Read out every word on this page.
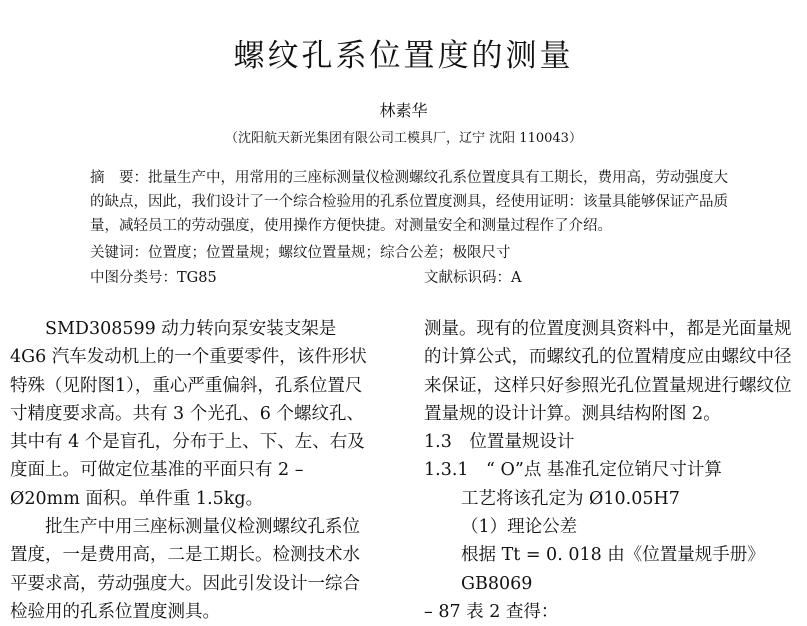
螺纹孔系位置度的测量
林素华
（沈阳航天新光集团有限公司工模具厂，辽宁 沈阳 110043）
摘　要：批量生产中，用常用的三座标测量仪检测螺纹孔系位置度具有工期长，费用高，劳动强度大的缺点，因此，我们设计了一个综合检验用的孔系位置度测具，经使用证明：该量具能够保证产品质量，减轻员工的劳动强度，使用操作方便快捷。对测量安全和测量过程作了介绍。
关键词：位置度；位置量规；螺纹位置量规；综合公差；极限尺寸
中图分类号：TG85	文献标识码：A

SMD308599 动力转向泵安装支架是 4G6 汽车发动机上的一个重要零件，该件形状特殊（见附图1），重心严重偏斜，孔系位置尺寸精度要求高。共有 3 个光孔、6 个螺纹孔、其中有 4 个是盲孔，分布于上、下、左、右及度面上。可做定位基准的平面只有 2 – Ø20mm 面积。单件重 1.5kg。

批生产中用三座标测量仪检测螺纹孔系位置度，一是费用高，二是工期长。检测技术水平要求高，劳动强度大。因此引发设计一综合检验用的孔系位置度测具。

测量。现有的位置度测具资料中，都是光面量规的计算公式，而螺纹孔的位置精度应由螺纹中径来保证，这样只好参照光孔位置量规进行螺纹位置量规的设计计算。测具结构附图 2。

1.3　位置量规设计

1.3.1　“ O”点 基准孔定位销尺寸计算

工艺将该孔定为 Ø10.05H7

（1）理论公差

根据 Tt = 0. 018 由《位置量规手册》GB8069

– 87 表 2 查得：
